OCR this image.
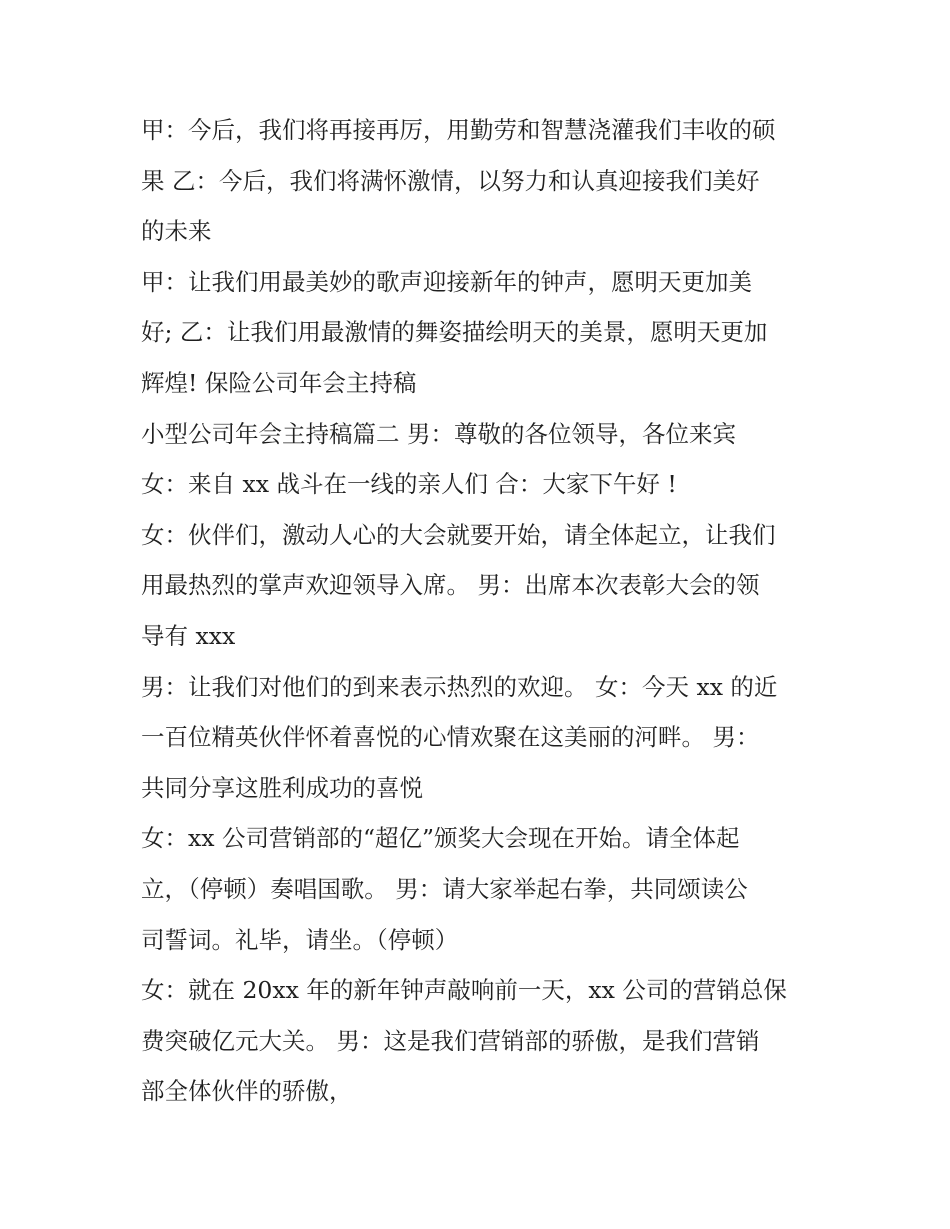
甲：今后，我们将再接再厉，用勤劳和智慧浇灌我们丰收的硕

果 乙：今后，我们将满怀激情，以努力和认真迎接我们美好

的未来

甲：让我们用最美妙的歌声迎接新年的钟声，愿明天更加美

好; 乙：让我们用最激情的舞姿描绘明天的美景，愿明天更加

辉煌! 保险公司年会主持稿

小型公司年会主持稿篇二 男：尊敬的各位领导，各位来宾

女：来自 xx 战斗在一线的亲人们 合：大家下午好 !

女：伙伴们，激动人心的大会就要开始，请全体起立，让我们

用最热烈的掌声欢迎领导入席。 男：出席本次表彰大会的领

导有 xxx

男：让我们对他们的到来表示热烈的欢迎。 女：今天 xx 的近

一百位精英伙伴怀着喜悦的心情欢聚在这美丽的河畔。 男：

共同分享这胜利成功的喜悦

女：xx 公司营销部的“超亿”颁奖大会现在开始。请全体起

立，（停顿）奏唱国歌。 男：请大家举起右拳，共同颂读公

司誓词。礼毕，请坐。（停顿）

女：就在 20xx 年的新年钟声敲响前一天，xx 公司的营销总保

费突破亿元大关。 男：这是我们营销部的骄傲，是我们营销

部全体伙伴的骄傲，
